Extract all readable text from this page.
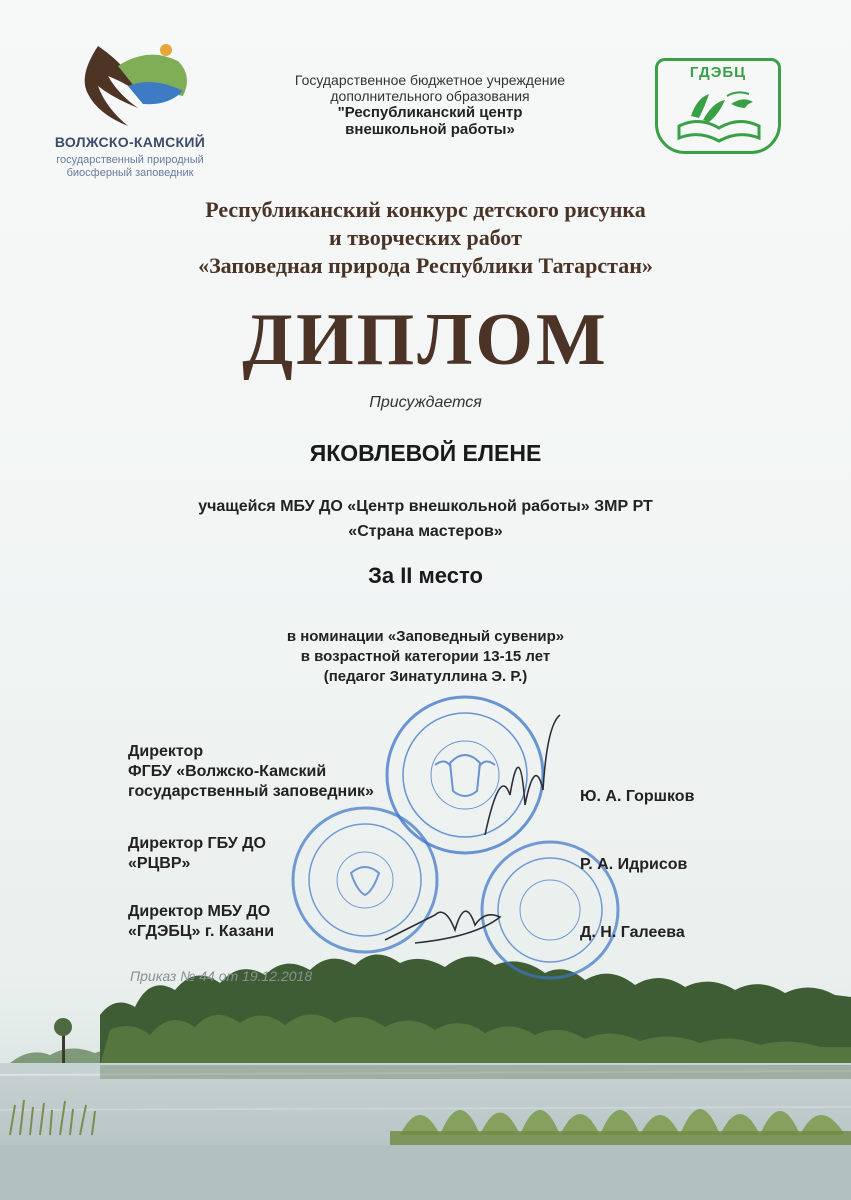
ВОЛЖСКО-КАМСКИЙ
государственный природный
биосферный заповедник
Государственное бюджетное учреждение
дополнительного образования
"Республиканский центр
внешкольной работы»
ГДЭБЦ
Республиканский конкурс детского рисунка
и творческих работ
«Заповедная природа Республики Татарстан»
ДИПЛОМ
Присуждается
ЯКОВЛЕВОЙ ЕЛЕНЕ
учащейся МБУ ДО «Центр внешкольной работы» ЗМР РТ
«Страна мастеров»
За II место
в номинации «Заповедный сувенир»
в возрастной категории 13-15 лет
(педагог Зинатуллина Э. Р.)
Директор
ФГБУ «Волжско-Камский
государственный заповедник»	Ю. А. Горшков
Директор ГБУ ДО
«РЦВР»	Р. А. Идрисов
Директор МБУ ДО
«ГДЭБЦ» г. Казани	Д. Н. Галеева
Приказ № 44 от 19.12.2018
